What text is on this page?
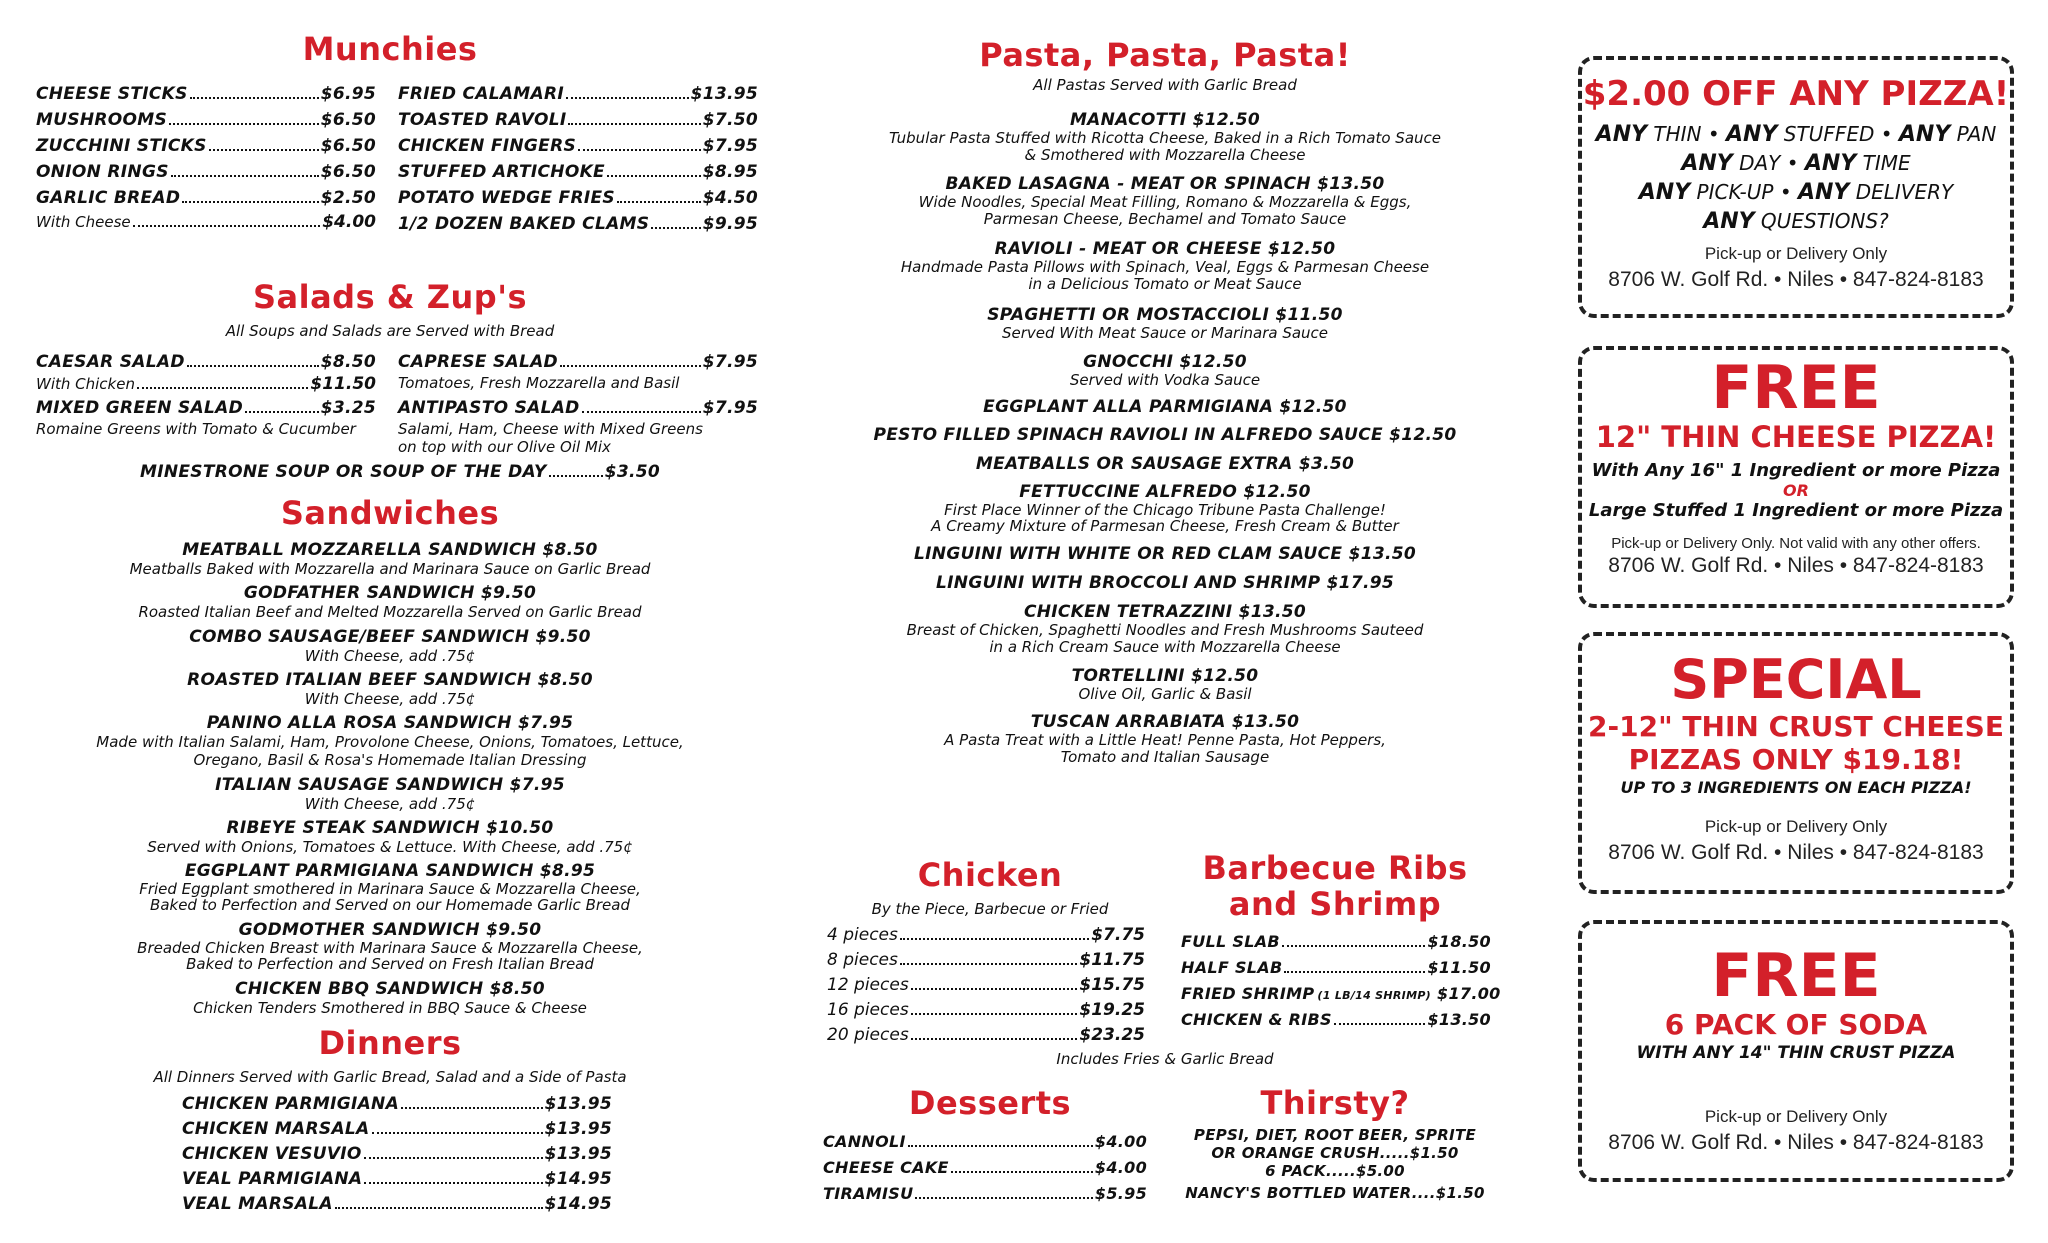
Munchies
CHEESE STICKS	$6.95
MUSHROOMS	$6.50
ZUCCHINI STICKS	$6.50
ONION RINGS	$6.50
GARLIC BREAD	$2.50
With Cheese	$4.00
FRIED CALAMARI	$13.95
TOASTED RAVOLI	$7.50
CHICKEN FINGERS	$7.95
STUFFED ARTICHOKE	$8.95
POTATO WEDGE FRIES	$4.50
1/2 DOZEN BAKED CLAMS	$9.95
Salads & Zup's
All Soups and Salads are Served with Bread
CAESAR SALAD	$8.50
With Chicken	$11.50
MIXED GREEN SALAD	$3.25
Romaine Greens with Tomato & Cucumber
CAPRESE SALAD	$7.95
Tomatoes, Fresh Mozzarella and Basil
ANTIPASTO SALAD	$7.95
Salami, Ham, Cheese with Mixed Greens
on top with our Olive Oil Mix
MINESTRONE SOUP OR SOUP OF THE DAY	$3.50
Sandwiches
MEATBALL MOZZARELLA SANDWICH $8.50
Meatballs Baked with Mozzarella and Marinara Sauce on Garlic Bread
GODFATHER SANDWICH $9.50
Roasted Italian Beef and Melted Mozzarella Served on Garlic Bread
COMBO SAUSAGE/BEEF SANDWICH $9.50
With Cheese, add .75¢
ROASTED ITALIAN BEEF SANDWICH $8.50
With Cheese, add .75¢
PANINO ALLA ROSA SANDWICH $7.95
Made with Italian Salami, Ham, Provolone Cheese, Onions, Tomatoes, Lettuce,
Oregano, Basil & Rosa's Homemade Italian Dressing
ITALIAN SAUSAGE SANDWICH $7.95
With Cheese, add .75¢
RIBEYE STEAK SANDWICH $10.50
Served with Onions, Tomatoes & Lettuce. With Cheese, add .75¢
EGGPLANT PARMIGIANA SANDWICH $8.95
Fried Eggplant smothered in Marinara Sauce & Mozzarella Cheese,
Baked to Perfection and Served on our Homemade Garlic Bread
GODMOTHER SANDWICH $9.50
Breaded Chicken Breast with Marinara Sauce & Mozzarella Cheese,
Baked to Perfection and Served on Fresh Italian Bread
CHICKEN BBQ SANDWICH $8.50
Chicken Tenders Smothered in BBQ Sauce & Cheese
Dinners
All Dinners Served with Garlic Bread, Salad and a Side of Pasta
CHICKEN PARMIGIANA	$13.95
CHICKEN MARSALA	$13.95
CHICKEN VESUVIO	$13.95
VEAL PARMIGIANA	$14.95
VEAL MARSALA	$14.95
Pasta, Pasta, Pasta!
All Pastas Served with Garlic Bread
MANACOTTI $12.50
Tubular Pasta Stuffed with Ricotta Cheese, Baked in a Rich Tomato Sauce
& Smothered with Mozzarella Cheese
BAKED LASAGNA - MEAT OR SPINACH $13.50
Wide Noodles, Special Meat Filling, Romano & Mozzarella & Eggs,
Parmesan Cheese, Bechamel and Tomato Sauce
RAVIOLI - MEAT OR CHEESE $12.50
Handmade Pasta Pillows with Spinach, Veal, Eggs & Parmesan Cheese
in a Delicious Tomato or Meat Sauce
SPAGHETTI OR MOSTACCIOLI $11.50
Served With Meat Sauce or Marinara Sauce
GNOCCHI $12.50
Served with Vodka Sauce
EGGPLANT ALLA PARMIGIANA $12.50
PESTO FILLED SPINACH RAVIOLI IN ALFREDO SAUCE $12.50
MEATBALLS OR SAUSAGE EXTRA $3.50
FETTUCCINE ALFREDO $12.50
First Place Winner of the Chicago Tribune Pasta Challenge!
A Creamy Mixture of Parmesan Cheese, Fresh Cream & Butter
LINGUINI WITH WHITE OR RED CLAM SAUCE $13.50
LINGUINI WITH BROCCOLI AND SHRIMP $17.95
CHICKEN TETRAZZINI $13.50
Breast of Chicken, Spaghetti Noodles and Fresh Mushrooms Sauteed
in a Rich Cream Sauce with Mozzarella Cheese
TORTELLINI $12.50
Olive Oil, Garlic & Basil
TUSCAN ARRABIATA $13.50
A Pasta Treat with a Little Heat! Penne Pasta, Hot Peppers,
Tomato and Italian Sausage
Chicken
By the Piece, Barbecue or Fried
4 pieces	$7.75
8 pieces	$11.75
12 pieces	$15.75
16 pieces	$19.25
20 pieces	$23.25
Barbecue Ribs
and Shrimp
FULL SLAB	$18.50
HALF SLAB	$11.50
FRIED SHRIMP (1 LB/14 SHRIMP) $17.00
CHICKEN & RIBS	$13.50
Includes Fries & Garlic Bread
Desserts
CANNOLI	$4.00
CHEESE CAKE	$4.00
TIRAMISU	$5.95
Thirsty?
PEPSI, DIET, ROOT BEER, SPRITE
OR ORANGE CRUSH.....$1.50
6 PACK.....$5.00
NANCY'S BOTTLED WATER....$1.50
$2.00 OFF ANY PIZZA!
ANY THIN • ANY STUFFED • ANY PAN
ANY DAY • ANY TIME
ANY PICK-UP • ANY DELIVERY
ANY QUESTIONS?
Pick-up or Delivery Only
8706 W. Golf Rd. • Niles • 847-824-8183
FREE
12" THIN CHEESE PIZZA!
With Any 16" 1 Ingredient or more Pizza
OR
Large Stuffed 1 Ingredient or more Pizza
Pick-up or Delivery Only. Not valid with any other offers.
8706 W. Golf Rd. • Niles • 847-824-8183
SPECIAL
2-12" THIN CRUST CHEESE
PIZZAS ONLY $19.18!
UP TO 3 INGREDIENTS ON EACH PIZZA!
Pick-up or Delivery Only
8706 W. Golf Rd. • Niles • 847-824-8183
FREE
6 PACK OF SODA
WITH ANY 14" THIN CRUST PIZZA
Pick-up or Delivery Only
8706 W. Golf Rd. • Niles • 847-824-8183
